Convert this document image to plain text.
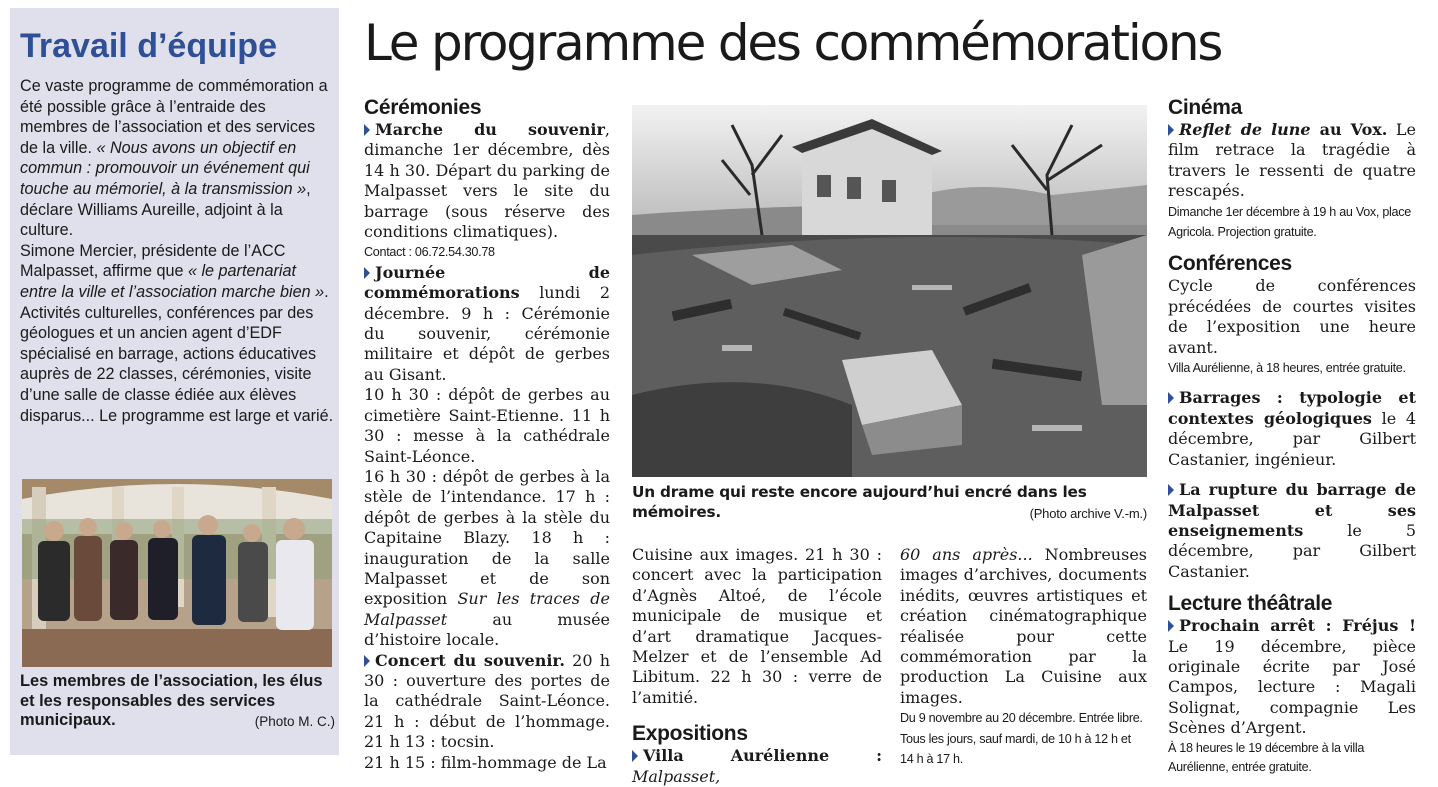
Travail d’équipe
Ce vaste programme de commémoration a été possible grâce à l’entraide des membres de l’association et des services de la ville. « Nous avons un objectif en commun : promouvoir un événement qui touche au mémoriel, à la transmission », déclare Williams Aureille, adjoint à la culture.
Simone Mercier, présidente de l’ACC Malpasset, affirme que « le partenariat entre la ville et l’association marche bien ». Activités culturelles, conférences par des géologues et un ancien agent d’EDF spécialisé en barrage, actions éducatives auprès de 22 classes, cérémonies, visite d’une salle de classe édiée aux élèves disparus... Le programme est large et varié.
Les membres de l’association, les élus et les responsables des services municipaux.	(Photo M. C.)
Le programme des commémorations
Cérémonies
Marche du souvenir, dimanche 1er décembre, dès 14 h 30. Départ du parking de Malpasset vers le site du barrage (sous réserve des conditions climatiques).
Contact : 06.72.54.30.78
Journée de commémorations lundi 2 décembre. 9 h : Cérémonie du souvenir, cérémonie militaire et dépôt de gerbes au Gisant.
10 h 30 : dépôt de gerbes au cimetière Saint-Etienne. 11 h 30 : messe à la cathédrale Saint-Léonce.
16 h 30 : dépôt de gerbes à la stèle de l’intendance. 17 h : dépôt de gerbes à la stèle du Capitaine Blazy. 18 h : inauguration de la salle Malpasset et de son exposition Sur les traces de Malpasset au musée d’histoire locale.
Concert du souvenir. 20 h 30 : ouverture des portes de la cathédrale Saint-Léonce. 21 h : début de l’hommage. 21 h 13 : tocsin.
21 h 15 : film-hommage de La
Un drame qui reste encore aujourd’hui encré dans les mémoires.	(Photo archive V.-m.)
Cuisine aux images. 21 h 30 : concert avec la participation d’Agnès Altoé, de l’école municipale de musique et d’art dramatique Jacques-Melzer et de l’ensemble Ad Libitum. 22 h 30 : verre de l’amitié.
Expositions
Villa Aurélienne : Malpasset,
60 ans après... Nombreuses images d’archives, documents inédits, œuvres artistiques et création cinématographique réalisée pour cette commémoration par la production La Cuisine aux images.
Du 9 novembre au 20 décembre. Entrée libre. Tous les jours, sauf mardi, de 10 h à 12 h et 14 h à 17 h.
Cinéma
Reflet de lune au Vox. Le film retrace la tragédie à travers le ressenti de quatre rescapés.
Dimanche 1er décembre à 19 h au Vox, place Agricola. Projection gratuite.
Conférences
Cycle de conférences précédées de courtes visites de l’exposition une heure avant.
Villa Aurélienne, à 18 heures, entrée gratuite.
Barrages : typologie et contextes géologiques le 4 décembre, par Gilbert Castanier, ingénieur.
La rupture du barrage de Malpasset et ses enseignements le 5 décembre, par Gilbert Castanier.
Lecture théâtrale
Prochain arrêt : Fréjus ! Le 19 décembre, pièce originale écrite par José Campos, lecture : Magali Solignat, compagnie Les Scènes d’Argent.
À 18 heures le 19 décembre à la villa Aurélienne, entrée gratuite.
